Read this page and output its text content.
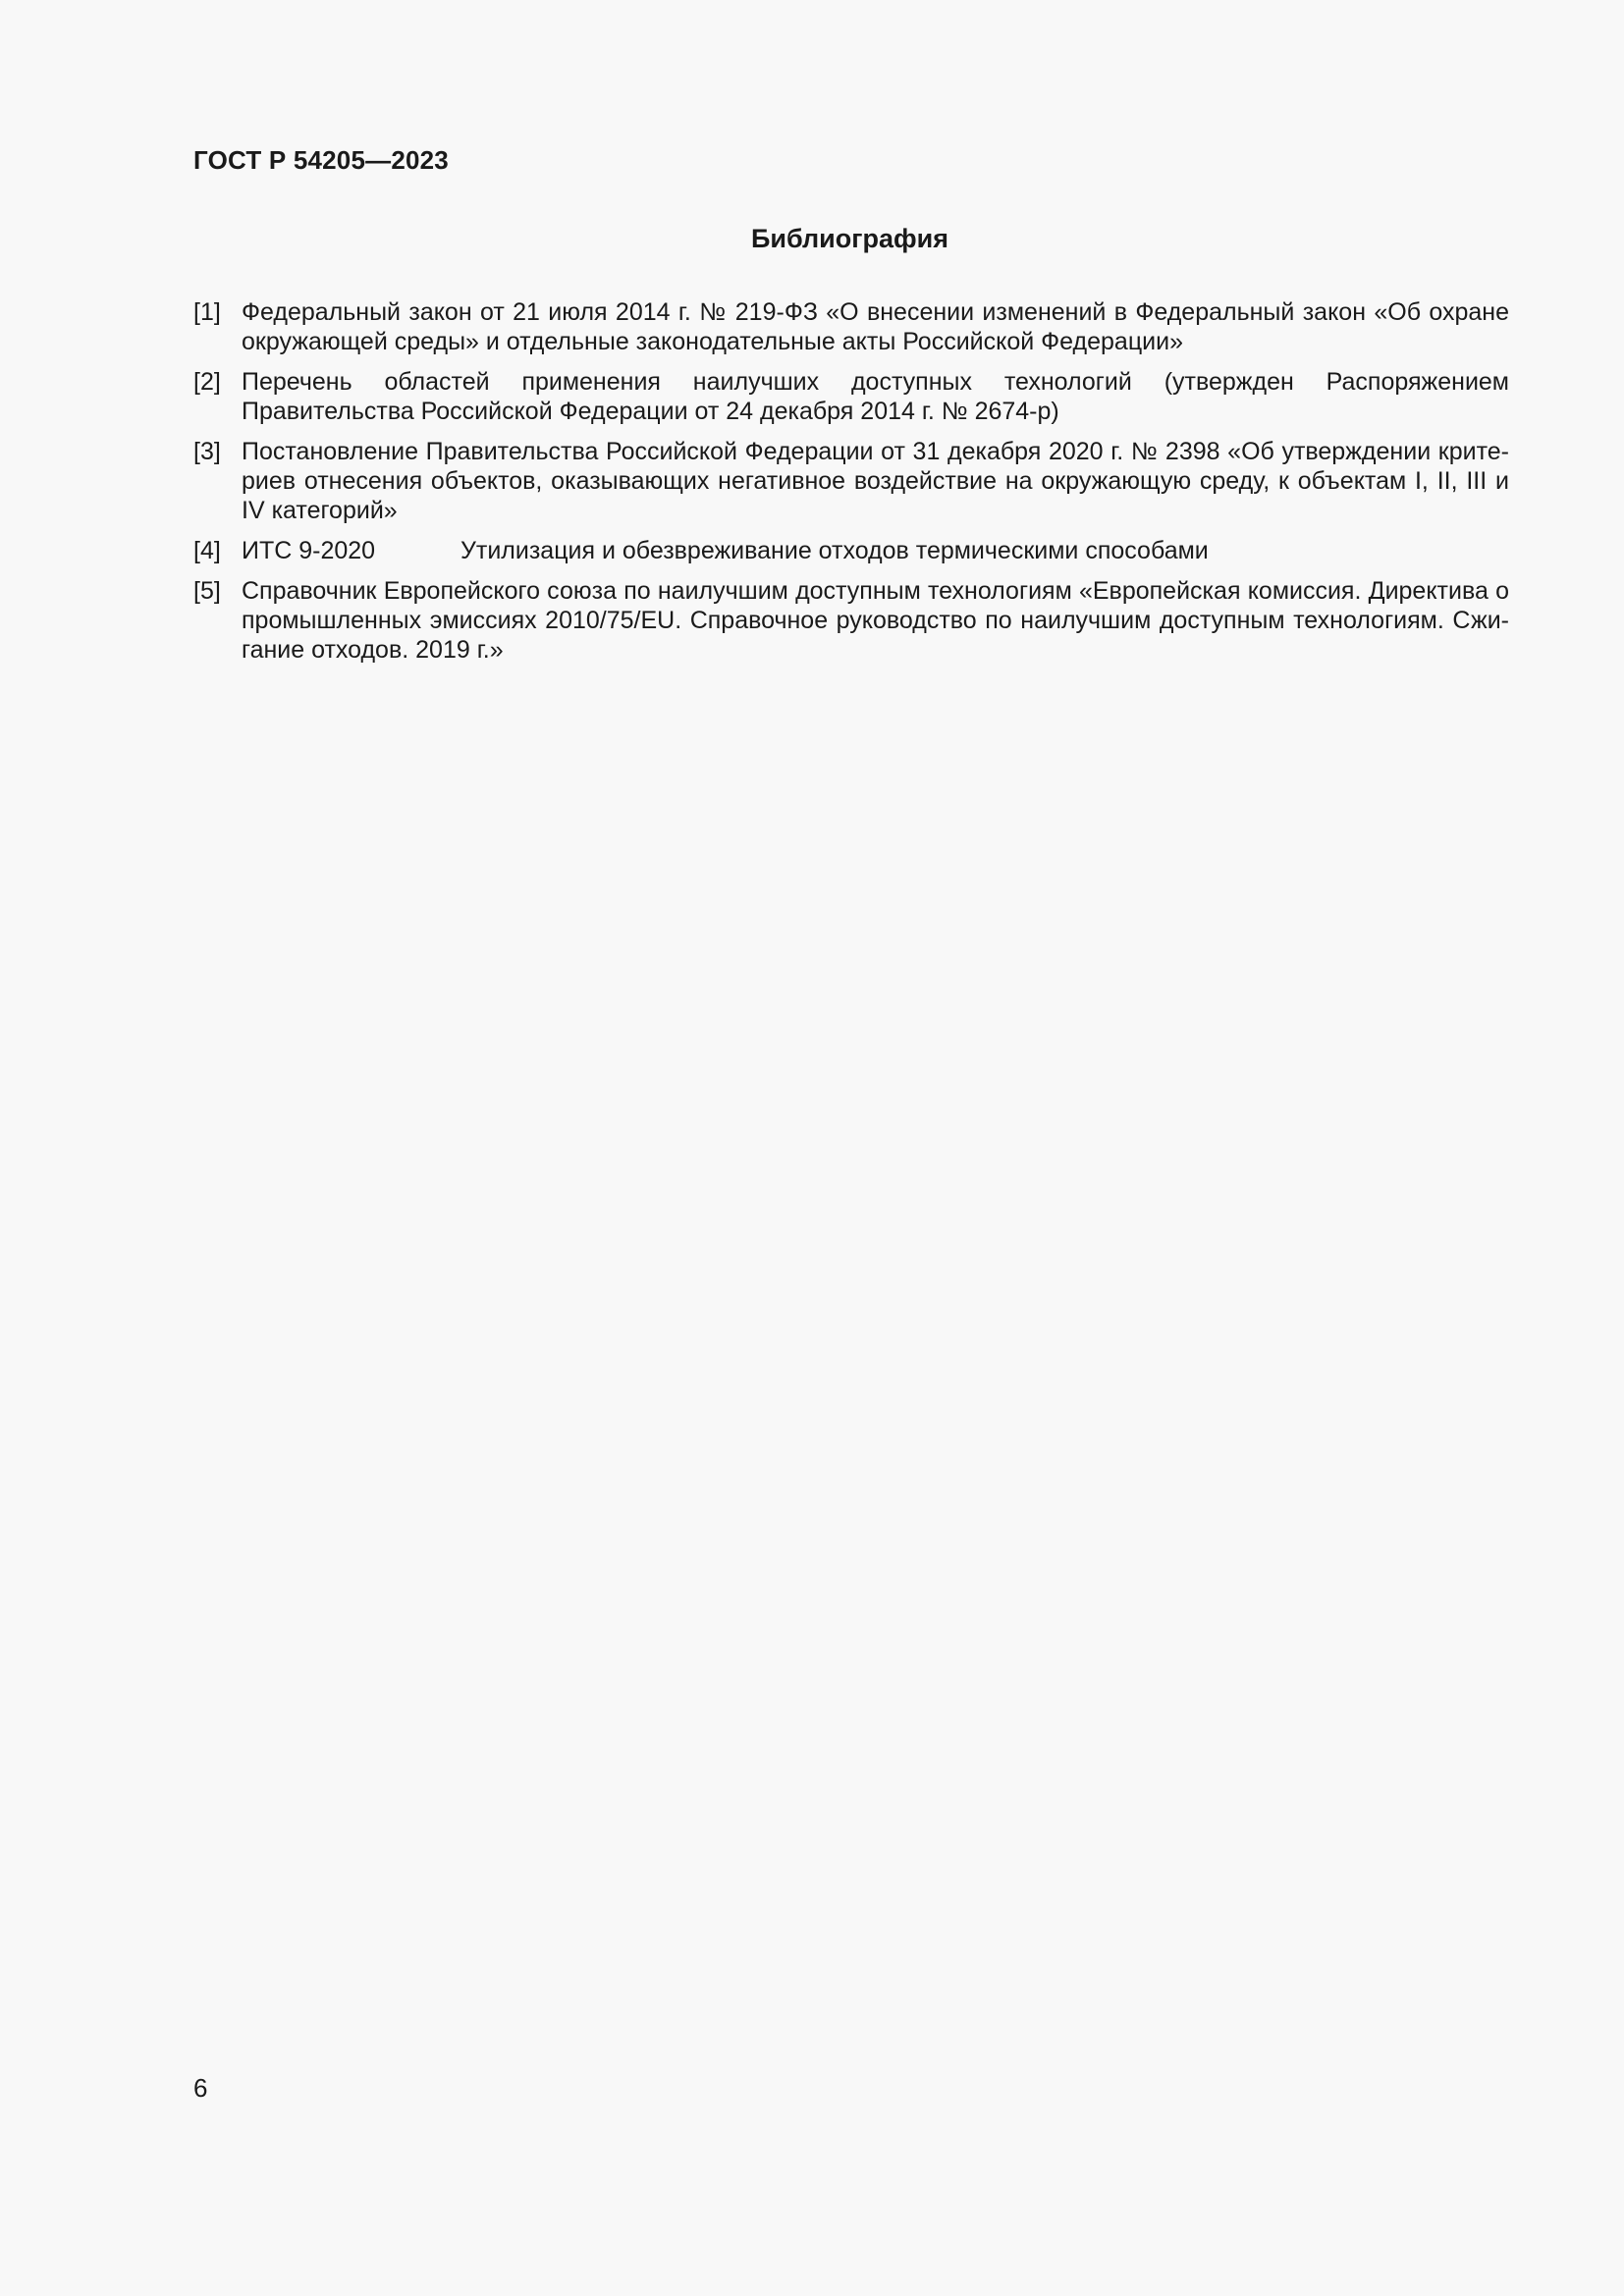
ГОСТ Р 54205—2023
Библиография
[1] Федеральный закон от 21 июля 2014 г. № 219-ФЗ «О внесении изменений в Федеральный закон «Об охране окружающей среды» и отдельные законодательные акты Российской Федерации»
[2] Перечень областей применения наилучших доступных технологий (утвержден Распоряжением Правительства Российской Федерации от 24 декабря 2014 г. № 2674-р)
[3] Постановление Правительства Российской Федерации от 31 декабря 2020 г. № 2398 «Об утверждении критериев отнесения объектов, оказывающих негативное воздействие на окружающую среду, к объектам I, II, III и IV категорий»
[4] ИТС 9-2020	Утилизация и обезвреживание отходов термическими способами
[5] Справочник Европейского союза по наилучшим доступным технологиям «Европейская комиссия. Директива о промышленных эмиссиях 2010/75/EU. Справочное руководство по наилучшим доступным технологиям. Сжигание отходов. 2019 г.»
6
